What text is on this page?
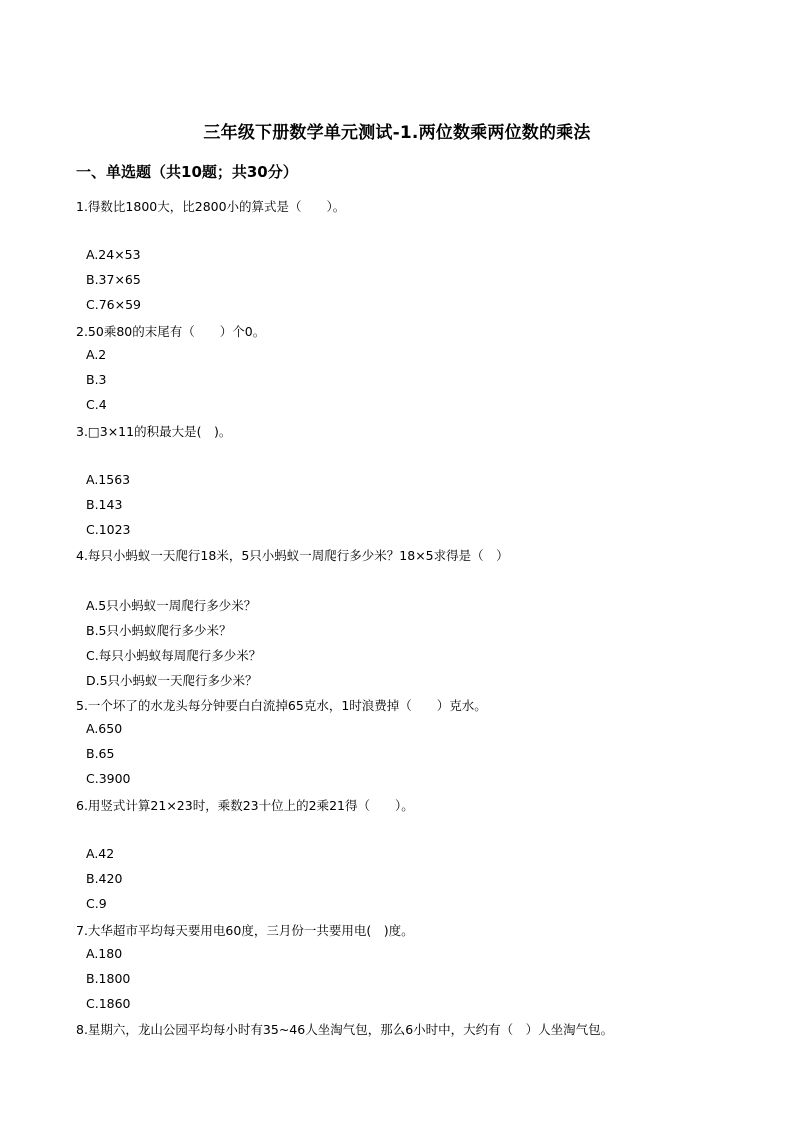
三年级下册数学单元测试-1.两位数乘两位数的乘法
一、单选题（共10题；共30分）
1.得数比1800大，比2800小的算式是（　　）。
A.24×53
B.37×65
C.76×59
2.50乘80的末尾有（　　）个0。
A.2
B.3
C.4
3.□3×11的积最大是(　)。
A.1563
B.143
C.1023
4.每只小蚂蚁一天爬行18米，5只小蚂蚁一周爬行多少米？18×5求得是（　）
A.5只小蚂蚁一周爬行多少米？
B.5只小蚂蚁爬行多少米？
C.每只小蚂蚁每周爬行多少米？
D.5只小蚂蚁一天爬行多少米？
5.一个坏了的水龙头每分钟要白白流掉65克水，1时浪费掉（　　）克水。
A.650
B.65
C.3900
6.用竖式计算21×23时，乘数23十位上的2乘21得（　　）。
A.42
B.420
C.9
7.大华超市平均每天要用电60度，三月份一共要用电(　)度。
A.180
B.1800
C.1860
8.星期六，龙山公园平均每小时有35~46人坐淘气包，那么6小时中，大约有（　）人坐淘气包。
